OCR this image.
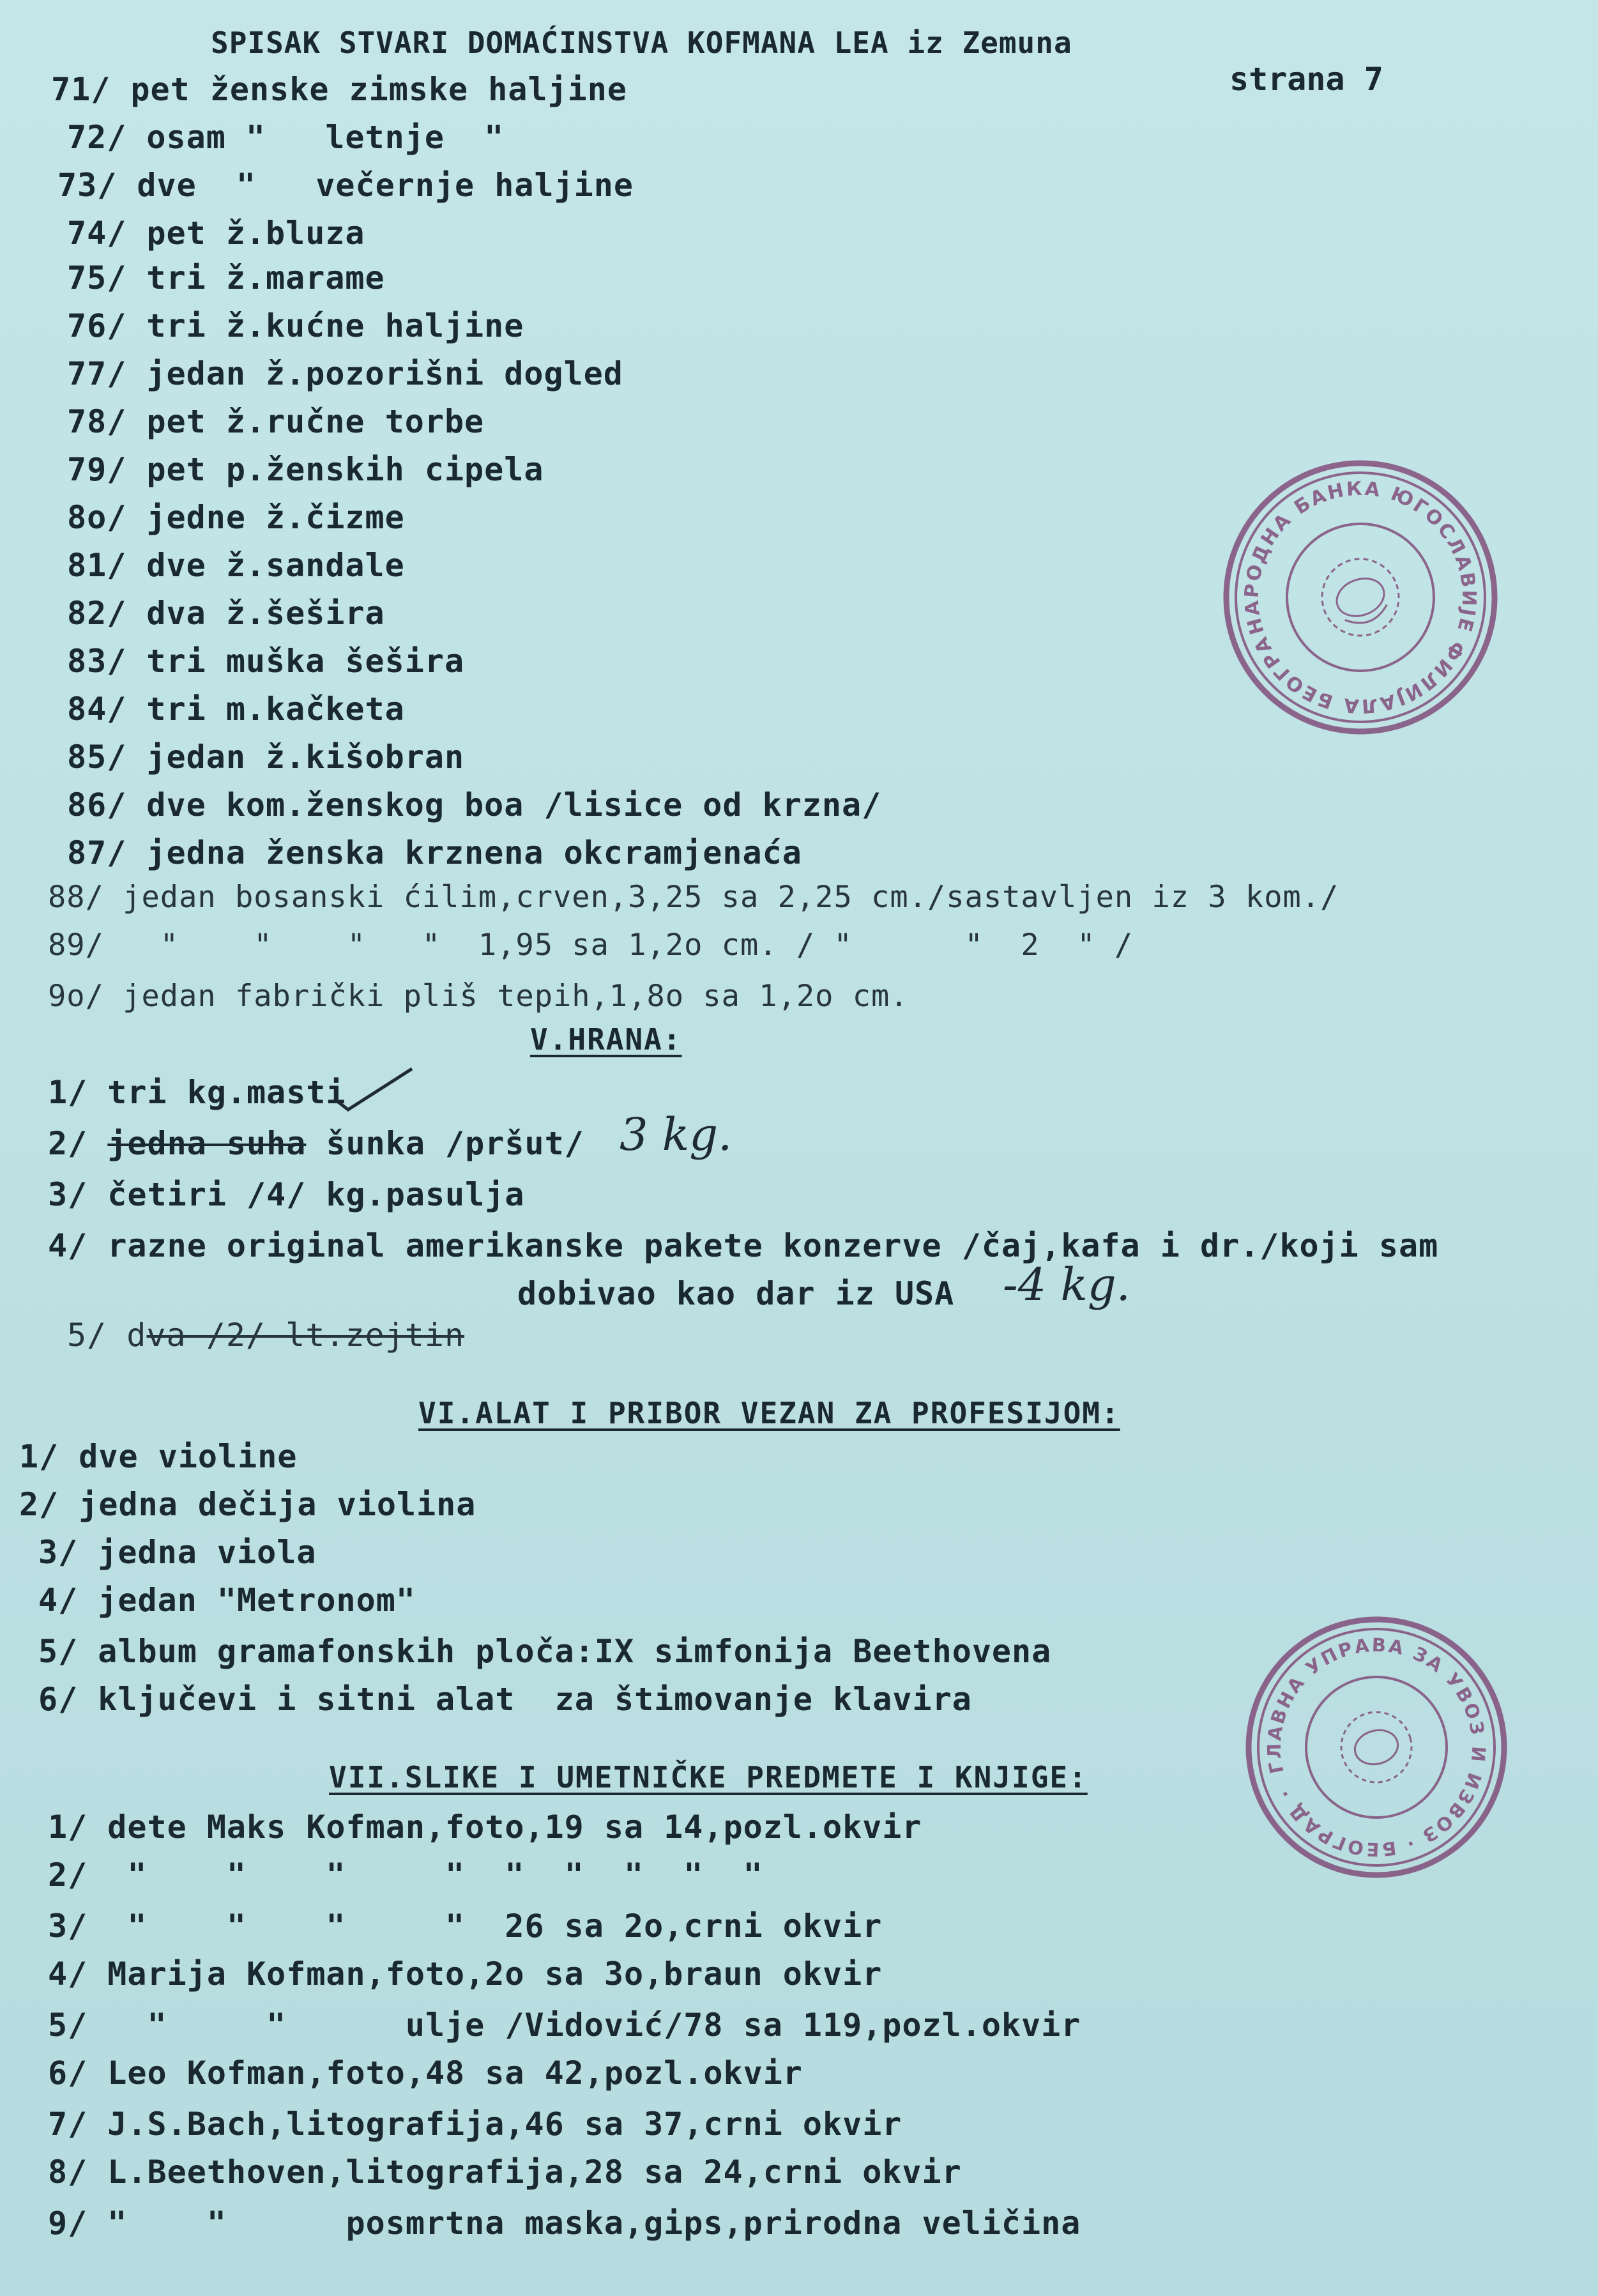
SPISAK STVARI DOMAĆINSTVA KOFMANA LEA iz Zemuna
strana 7
71/ pet ženske zimske haljine
72/ osam "   letnje  "
73/ dve  "   večernje haljine
74/ pet ž.bluza
75/ tri ž.marame
76/ tri ž.kućne haljine
77/ jedan ž.pozorišni dogled
78/ pet ž.ručne torbe
79/ pet p.ženskih cipela
8o/ jedne ž.čizme
81/ dve ž.sandale
82/ dva ž.šešira
83/ tri muška šešira
84/ tri m.kačketa
85/ jedan ž.kišobran
86/ dve kom.ženskog boa /lisice od krzna/
87/ jedna ženska krznena okcramjenaća
88/ jedan bosanski ćilim,crven,3,25 sa 2,25 cm./sastavljen iz 3 kom./
89/   "    "    "   "  1,95 sa 1,2o cm. / "      "  2  " /
9o/ jedan fabrički pliš tepih,1,8o sa 1,2o cm.
V.HRANA:
1/ tri kg.masti
2/ jedna suha šunka /pršut/ 3 kg.
3/ četiri /4/ kg.pasulja
4/ razne original amerikanske pakete konzerve /čaj,kafa i dr./koji sam
dobivao kao dar iz USA -4 kg.
5/ dva /2/ lt.zejtin
VI.ALAT I PRIBOR VEZAN ZA PROFESIJOM:
1/ dve violine
2/ jedna dečija violina
3/ jedna viola
4/ jedan "Metronom"
5/ album gramafonskih ploča:IX simfonija Beethovena
6/ ključevi i sitni alat  za štimovanje klavira
VII.SLIKE I UMETNIČKE PREDMETE I KNJIGE:
1/ dete Maks Kofman,foto,19 sa 14,pozl.okvir
2/  "    "    "     "  "  "  "  "  "
3/  "    "    "     "  26 sa 2o,crni okvir
4/ Marija Kofman,foto,2o sa 3o,braun okvir
5/   "     "      ulje /Vidović/78 sa 119,pozl.okvir
6/ Leo Kofman,foto,48 sa 42,pozl.okvir
7/ J.S.Bach,litografija,46 sa 37,crni okvir
8/ L.Beethoven,litografija,28 sa 24,crni okvir
9/ "    "      posmrtna maska,gips,prirodna veličina
НАРОДНА БАНКА ЮГОСЛАВИЈЕ ФИЛИЈАЛА БЕОГРАД
ГЛАВНА УПРАВА ЗА УВОЗ И ИЗВОЗ · БЕОГРАД ·
